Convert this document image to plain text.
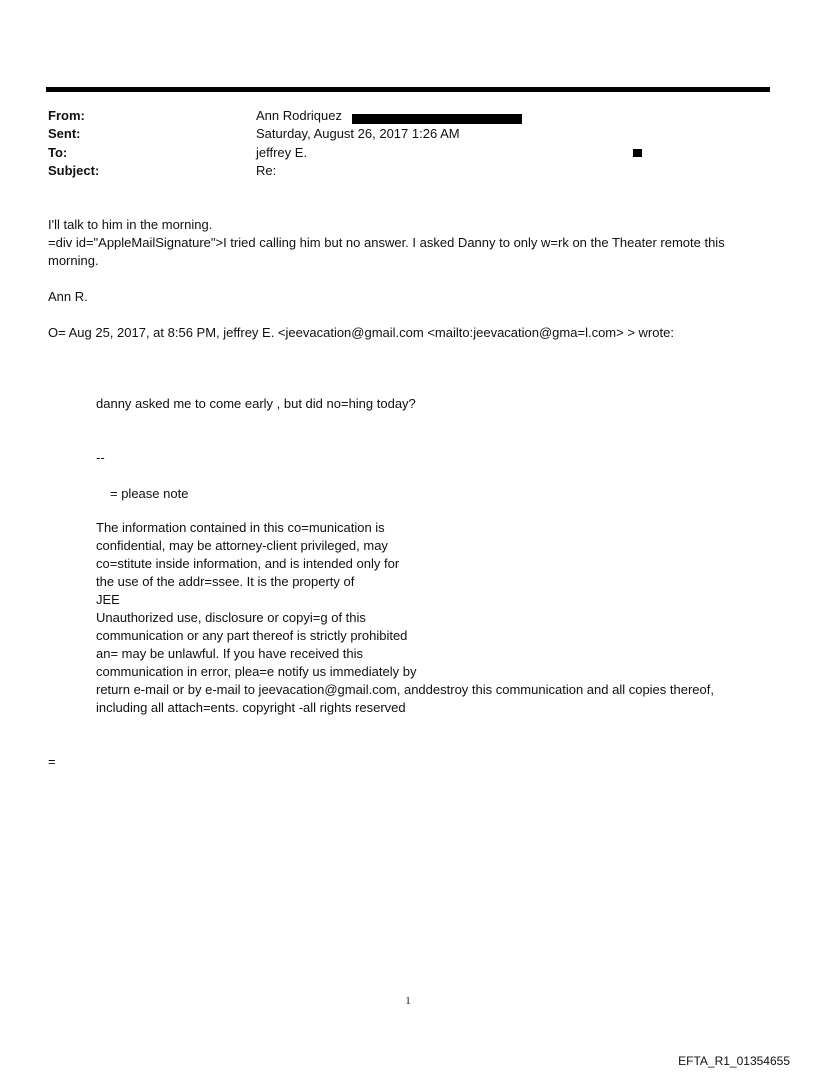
From:	Ann Rodriquez
Sent:	Saturday, August 26, 2017 1:26 AM
To:	jeffrey E.
Subject:	Re:

I'll talk to him in the morning.

=div id="AppleMailSignature">I tried calling him but no answer. I asked Danny to only w=rk on the Theater remote this morning.

Ann R.

O= Aug 25, 2017, at 8:56 PM, jeffrey E. <jeevacation@gmail.com <mailto:jeevacation@gma=l.com> > wrote:

danny asked me to come early , but did no=hing today?
--
= please note
The information contained in this co=munication is
confidential, may be attorney-client privileged, may
co=stitute inside information, and is intended only for
the use of the addr=ssee. It is the property of
JEE
Unauthorized use, disclosure or copyi=g of this
communication or any part thereof is strictly prohibited
an= may be unlawful. If you have received this
communication in error, plea=e notify us immediately by
return e-mail or by e-mail to jeevacation@gmail.com, anddestroy this communication and all copies thereof,
including all attach=ents. copyright -all rights reserved
=
1
EFTA_R1_01354655
